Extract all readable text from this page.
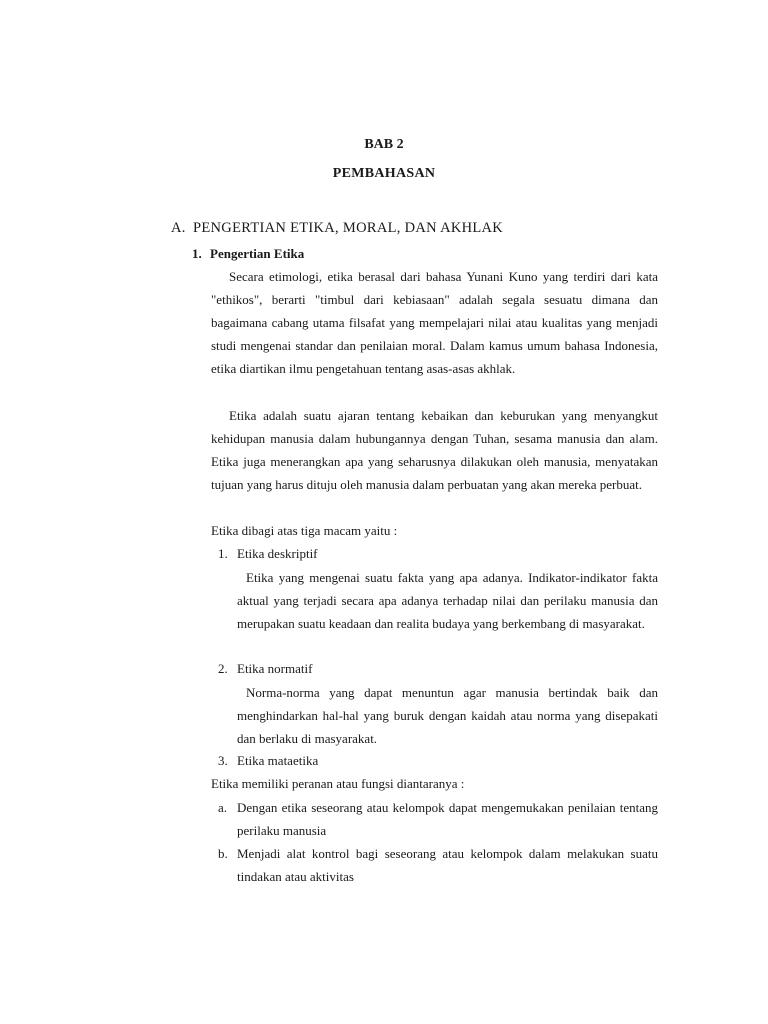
BAB 2
PEMBAHASAN
A. PENGERTIAN ETIKA, MORAL, DAN AKHLAK
1. Pengertian Etika

Secara etimologi, etika berasal dari bahasa Yunani Kuno yang terdiri dari kata "ethikos", berarti "timbul dari kebiasaan" adalah segala sesuatu dimana dan bagaimana cabang utama filsafat yang mempelajari nilai atau kualitas yang menjadi studi mengenai standar dan penilaian moral. Dalam kamus umum bahasa Indonesia, etika diartikan ilmu pengetahuan tentang asas-asas akhlak.

Etika adalah suatu ajaran tentang kebaikan dan keburukan yang menyangkut kehidupan manusia dalam hubungannya dengan Tuhan, sesama manusia dan alam. Etika juga menerangkan apa yang seharusnya dilakukan oleh manusia, menyatakan tujuan yang harus dituju oleh manusia dalam perbuatan yang akan mereka perbuat.

Etika dibagi atas tiga macam yaitu :
1. Etika deskriptif

Etika yang mengenai suatu fakta yang apa adanya. Indikator-indikator fakta aktual yang terjadi secara apa adanya terhadap nilai dan perilaku manusia dan merupakan suatu keadaan dan realita budaya yang berkembang di masyarakat.

2. Etika normatif

Norma-norma yang dapat menuntun agar manusia bertindak baik dan menghindarkan hal-hal yang buruk dengan kaidah atau norma yang disepakati dan berlaku di masyarakat.

3. Etika mataetika
Etika memiliki peranan atau fungsi diantaranya :
a. Dengan etika seseorang atau kelompok dapat mengemukakan penilaian tentang perilaku manusia
b. Menjadi alat kontrol bagi seseorang atau kelompok dalam melakukan suatu tindakan atau aktivitas
